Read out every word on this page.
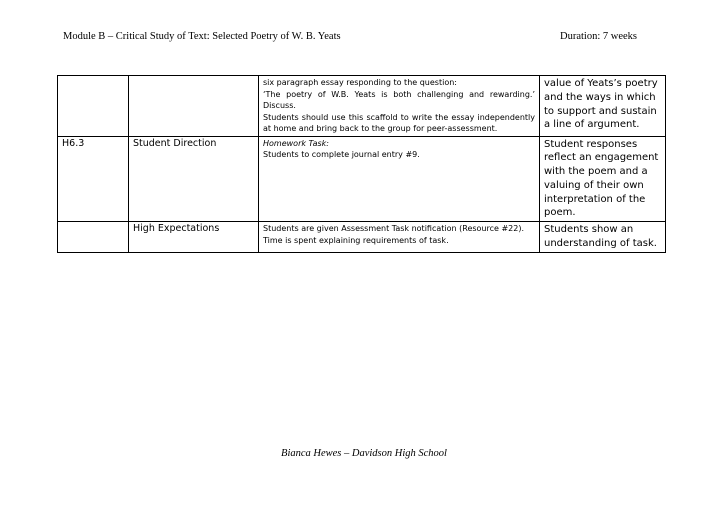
Module B – Critical Study of Text: Selected Poetry of W. B. Yeats	Duration: 7 weeks

		six paragraph essay responding to the question:
‘The poetry of W.B. Yeats is both challenging and rewarding.’ Discuss.
Students should use this scaffold to write the essay independently at home and bring back to the group for peer-assessment.	value of Yeats’s poetry and the ways in which to support and sustain a line of argument.
H6.3	Student Direction	Homework Task:
Students to complete journal entry #9.	Student responses reflect an engagement with the poem and a valuing of their own interpretation of the poem.
	High Expectations	Students are given Assessment Task notification (Resource #22).
Time is spent explaining requirements of task.	Students show an understanding of task.
Bianca Hewes – Davidson High School
